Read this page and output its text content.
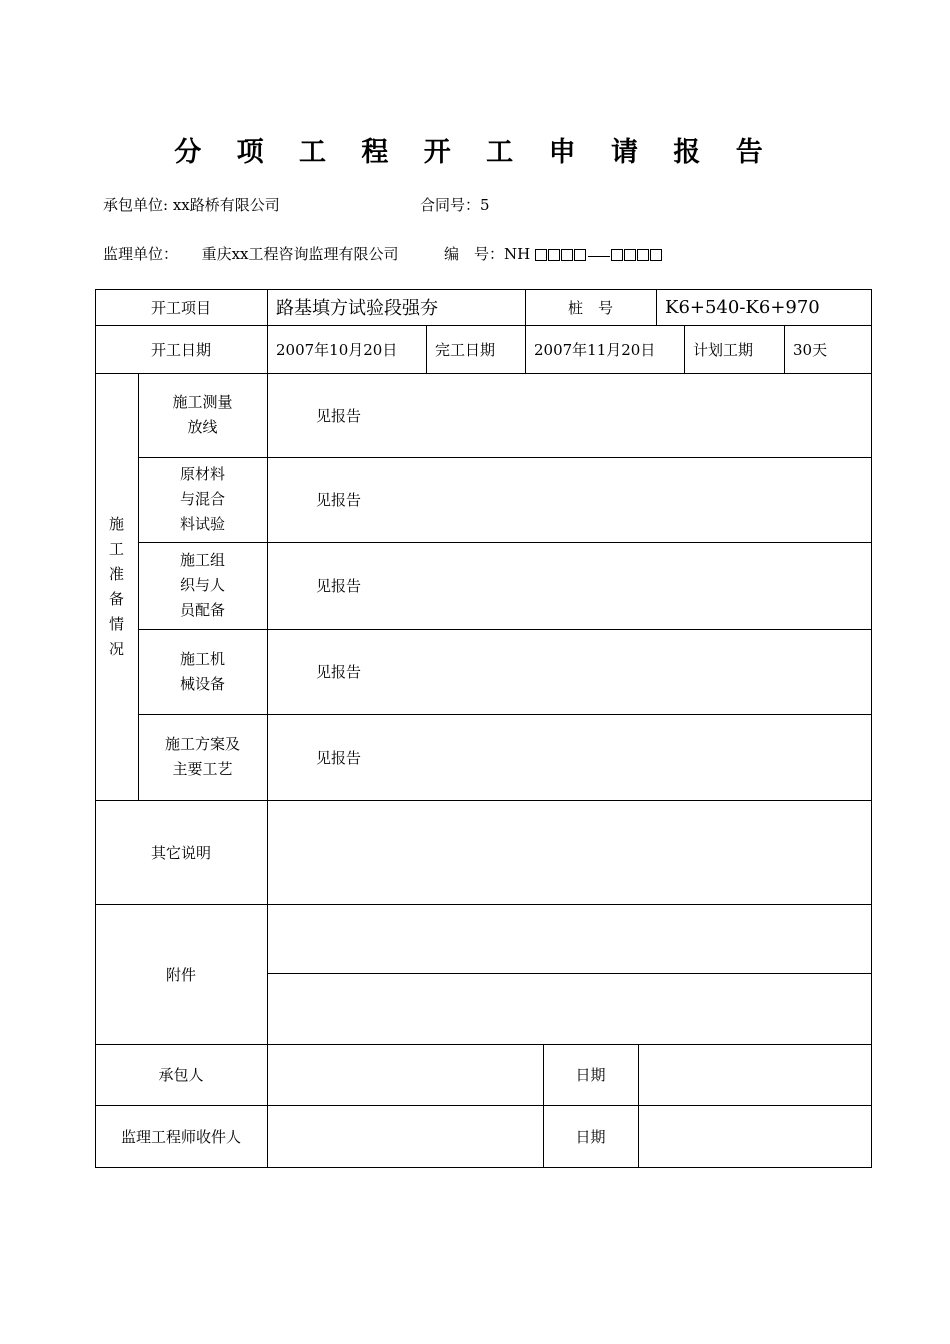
分 项 工 程 开 工 申 请 报 告
承包单位: xx路桥有限公司	合同号：5
监理单位： 重庆xx工程咨询监理有限公司	编　号：NH
开工项目	路基填方试验段强夯	桩　号	K6+540-K6+970
开工日期	2007年10月20日	完工日期	2007年11月20日	计划工期	30天
施工准备情况
施工测量放线
见报告
原材料与混合料试验
见报告
施工组织与人员配备
见报告
施工机械设备
见报告
施工方案及主要工艺
见报告
其它说明
附件
承包人	日期
监理工程师收件人	日期
